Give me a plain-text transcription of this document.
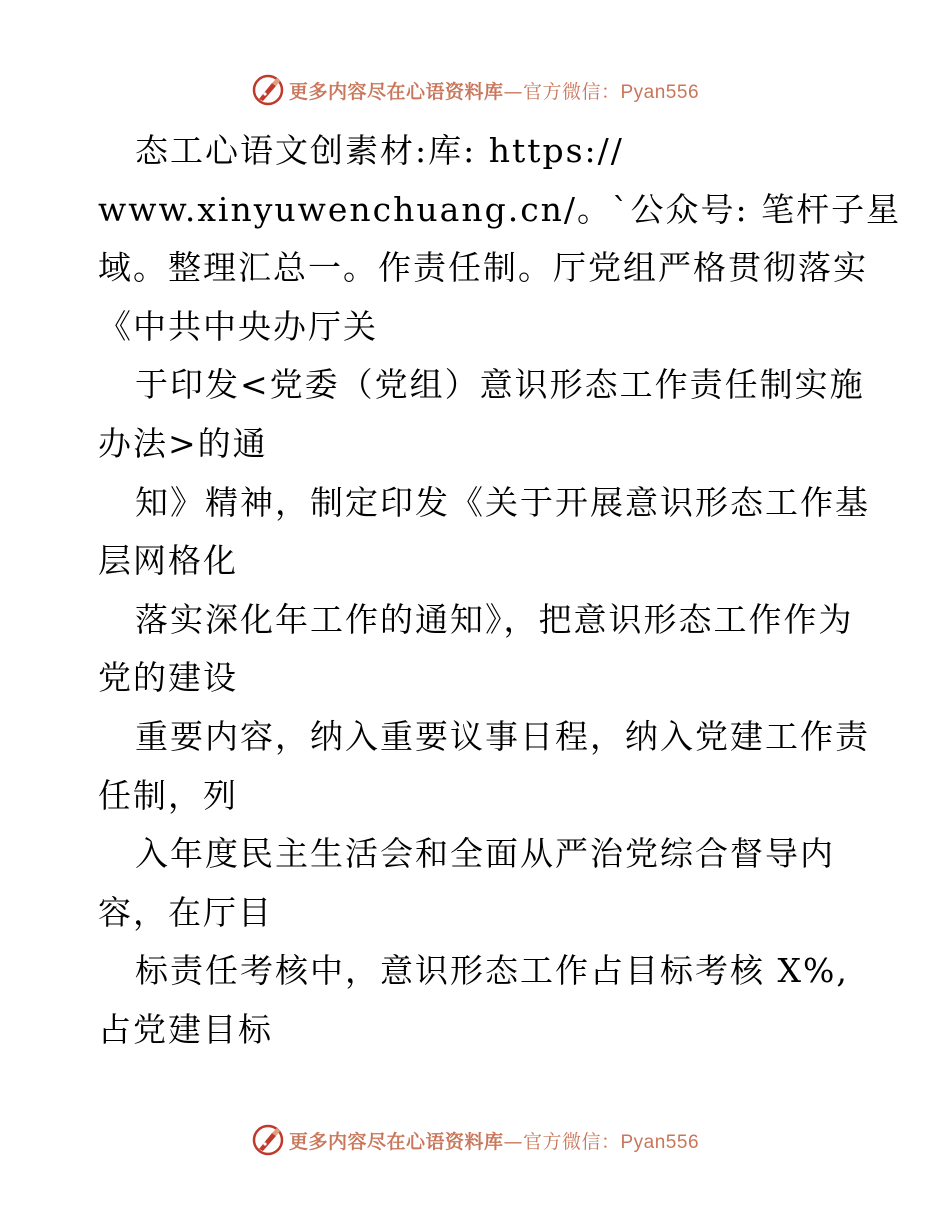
更多内容尽在心语资料库—官方微信：Pyan556
态工心语文创素材:库: https://
www.xinyuwenchuang.cn/。`公众号: 笔杆子星
域。整理汇总一。作责任制。厅党组严格贯彻落实
《中共中央办厅关
于印发<党委（党组）意识形态工作责任制实施
办法>的通
知》精神，制定印发《关于开展意识形态工作基
层网格化
落实深化年工作的通知》，把意识形态工作作为
党的建设
重要内容，纳入重要议事日程，纳入党建工作责
任制，列
入年度民主生活会和全面从严治党综合督导内
容，在厅目
标责任考核中，意识形态工作占目标考核 X%,
占党建目标
更多内容尽在心语资料库—官方微信：Pyan556
